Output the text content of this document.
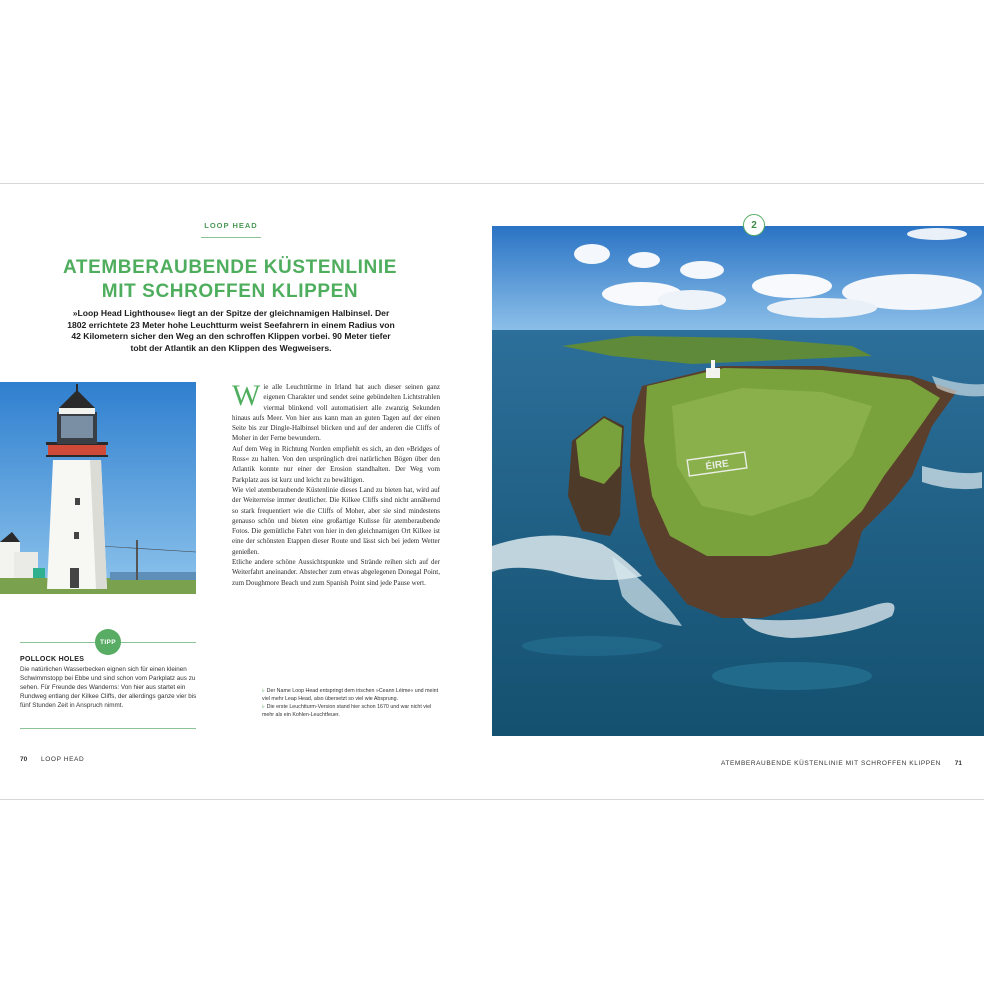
LOOP HEAD
ATEMBERAUBENDE KÜSTENLINIE
MIT SCHROFFEN KLIPPEN
»Loop Head Lighthouse« liegt an der Spitze der gleichnamigen Halbinsel. Der 1802 errichtete 23 Meter hohe Leuchtturm weist Seefahrern in einem Radius von 42 Kilometern sicher den Weg an den schroffen Klippen vorbei. 90 Meter tiefer tobt der Atlantik an den Klippen des Wegweisers.
TIPP
POLLOCK HOLES
Die natürlichen Wasserbecken eignen sich für einen kleinen Schwimmstopp bei Ebbe und sind schon vom Parkplatz aus zu sehen. Für Freunde des Wanderns: Von hier aus startet ein Rundweg entlang der Kilkee Cliffs, der allerdings ganze vier bis fünf Stunden Zeit in Anspruch nimmt.
Wie alle Leuchttürme in Irland hat auch dieser seinen ganz eigenen Charakter und sendet seine gebündelten Lichtstrahlen viermal blinkend voll automatisiert alle zwanzig Sekunden hinaus aufs Meer. Von hier aus kann man an guten Tagen auf der einen Seite bis zur Dingle-Halbinsel blicken und auf der anderen die Cliffs of Moher in der Ferne bewundern.
Auf dem Weg in Richtung Norden empfiehlt es sich, an den »Bridges of Ross« zu halten. Von den ursprünglich drei natürlichen Bögen über den Atlantik konnte nur einer der Erosion standhalten. Der Weg vom Parkplatz aus ist kurz und leicht zu bewältigen.
Wie viel atemberaubende Küstenlinie dieses Land zu bieten hat, wird auf der Weiterreise immer deutlicher. Die Kilkee Cliffs sind nicht annähernd so stark frequentiert wie die Cliffs of Moher, aber sie sind mindestens genauso schön und bieten eine großartige Kulisse für atemberaubende Fotos. Die gemütliche Fahrt von hier in den gleichnamigen Ort Kilkee ist eine der schönsten Etappen dieser Route und lässt sich bei jedem Wetter genießen.
Etliche andere schöne Aussichtspunkte und Strände reihen sich auf der Weiterfahrt aneinander. Abstecher zum etwas abgelegenen Donegal Point, zum Doughmore Beach und zum Spanish Point sind jede Pause wert.
▹ Der Name Loop Head entspringt dem irischen »Ceann Léime« und meint viel mehr Leap Head, also übersetzt so viel wie Absprung.
▹ Die erste Leuchtturm-Version stand hier schon 1670 und war nicht viel mehr als ein Kohlen-Leuchtfeuer.
70 LOOP HEAD
ÉIRE
2
ATEMBERAUBENDE KÜSTENLINIE MIT SCHROFFEN KLIPPEN 71
